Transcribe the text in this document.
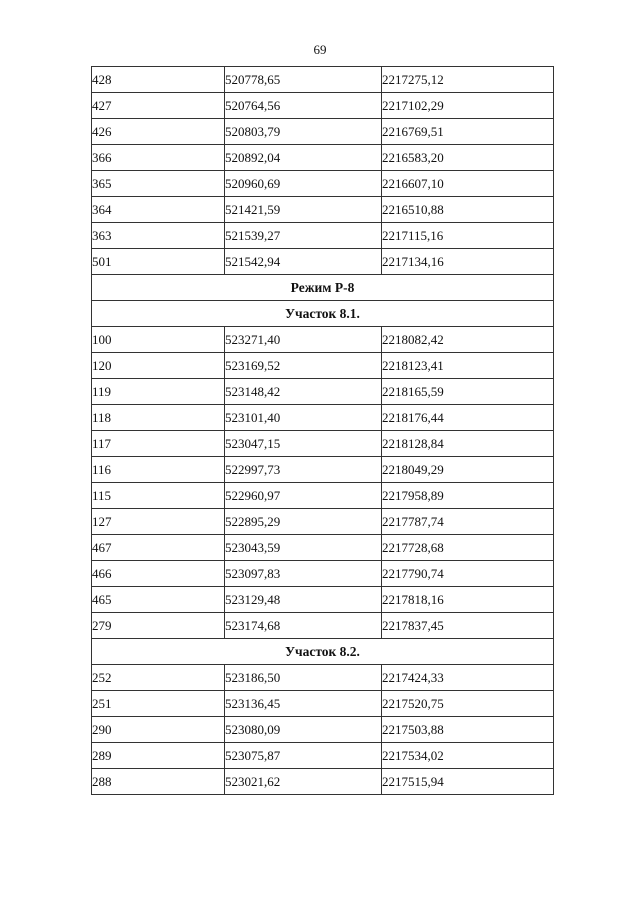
69
428	520778,65	2217275,12
427	520764,56	2217102,29
426	520803,79	2216769,51
366	520892,04	2216583,20
365	520960,69	2216607,10
364	521421,59	2216510,88
363	521539,27	2217115,16
501	521542,94	2217134,16
Режим Р-8		
Участок 8.1.		
100	523271,40	2218082,42
120	523169,52	2218123,41
119	523148,42	2218165,59
118	523101,40	2218176,44
117	523047,15	2218128,84
116	522997,73	2218049,29
115	522960,97	2217958,89
127	522895,29	2217787,74
467	523043,59	2217728,68
466	523097,83	2217790,74
465	523129,48	2217818,16
279	523174,68	2217837,45
Участок 8.2.		
252	523186,50	2217424,33
251	523136,45	2217520,75
290	523080,09	2217503,88
289	523075,87	2217534,02
288	523021,62	2217515,94
